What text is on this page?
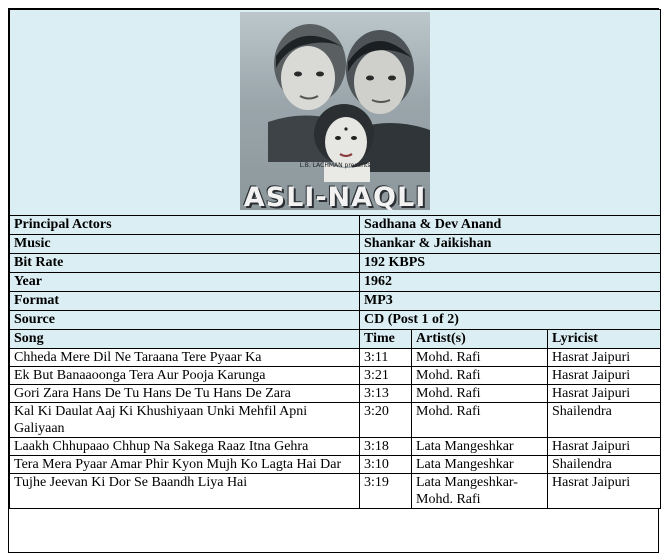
L.B. LACHMAN presents
ASLI-NAQLI			

Principal Actors	Sadhana & Dev Anand		
Music	Shankar & Jaikishan		
Bit Rate	192 KBPS		
Year	1962		
Format	MP3		
Source	CD (Post 1 of 2)		
Song	Time	Artist(s)	Lyricist
Chheda Mere Dil Ne Taraana Tere Pyaar Ka	3:11	Mohd. Rafi	Hasrat Jaipuri
Ek But Banaaoonga Tera Aur Pooja Karunga	3:21	Mohd. Rafi	Hasrat Jaipuri
Gori Zara Hans De Tu Hans De Tu Hans De Zara	3:13	Mohd. Rafi	Hasrat Jaipuri
Kal Ki Daulat Aaj Ki Khushiyaan Unki Mehfil Apni Galiyaan	3:20	Mohd. Rafi	Shailendra
Laakh Chhupaao Chhup Na Sakega Raaz Itna Gehra	3:18	Lata Mangeshkar	Hasrat Jaipuri
Tera Mera Pyaar Amar Phir Kyon Mujh Ko Lagta Hai Dar	3:10	Lata Mangeshkar	Shailendra
Tujhe Jeevan Ki Dor Se Baandh Liya Hai	3:19	Lata Mangeshkar-Mohd. Rafi	Hasrat Jaipuri
